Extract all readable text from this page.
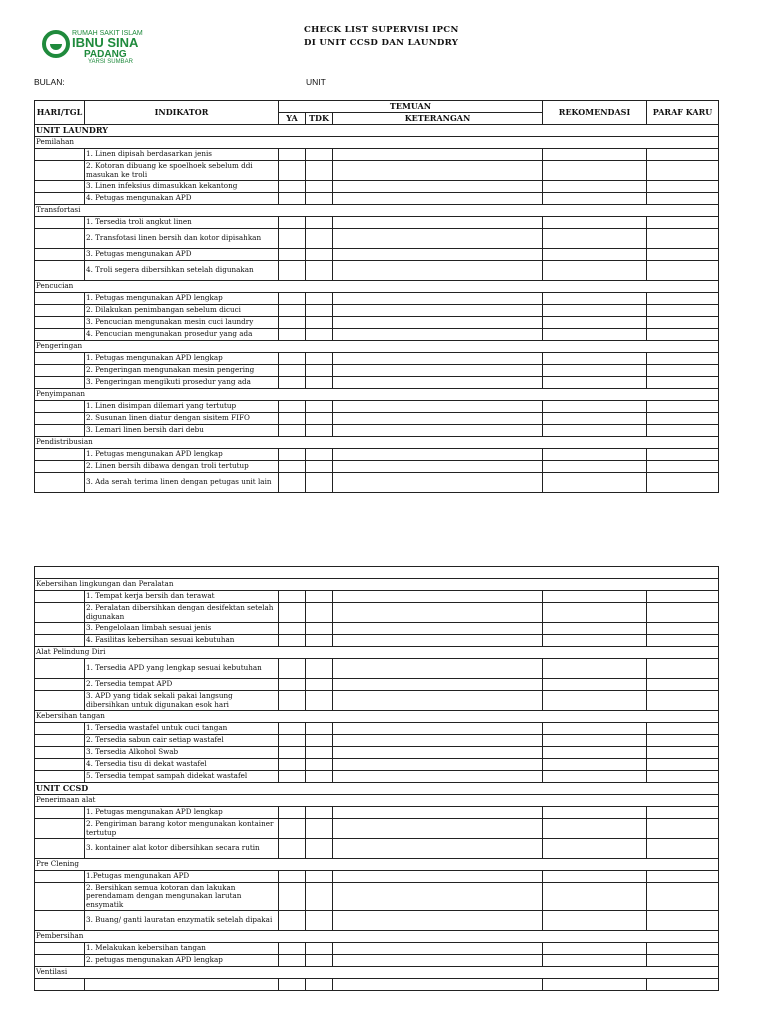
RUMAH SAKIT ISLAM
IBNU SINA
PADANG
YARSI SUMBAR
CHECK LIST SUPERVISI IPCN
DI UNIT CCSD DAN LAUNDRY
BULAN:	UNIT
HARI/TGL	INDIKATOR	TEMUAN			REKOMENDASI	PARAF KARU
		YA	TDK	KETERANGAN		
UNIT LAUNDRY						
Pemilahan						
	1. Linen dipisah berdasarkan jenis					
	2. Kotoran dibuang ke spoelhoek sebelum ddi masukan ke troli					
	3. Linen infeksius dimasukkan kekantong					
	4. Petugas mengunakan APD					
Transfortasi						
	1. Tersedia troli angkut linen					
	2. Transfotasi linen bersih dan kotor dipisahkan					
	3. Petugas mengunakan APD					
	4. Troli segera dibersihkan setelah digunakan					
Pencucian						
	1. Petugas mengunakan APD lengkap					
	2. Dilakukan penimbangan sebelum dicuci					
	3. Pencucian mengunakan mesin cuci laundry					
	4. Pencucian mengunakan prosedur yang ada					
Pengeringan						
	1. Petugas mengunakan APD lengkap					
	2. Pengeringan mengunakan mesin pengering					
	3. Pengeringan mengikuti prosedur yang ada					
Penyimpanan						
	1. Linen disimpan dilemari yang tertutup					
	2. Susunan linen diatur dengan sisitem FIFO					
	3. Lemari linen bersih dari debu					
Pendistribusian						
	1. Petugas mengunakan APD lengkap					
	2. Linen bersih dibawa dengan troli tertutup					
	3. Ada serah terima linen dengan petugas unit lain					

Kebersihan lingkungan dan Peralatan						
	1. Tempat kerja bersih dan terawat					
	2. Peralatan dibersihkan dengan desifektan setelah digunakan					
	3. Pengelolaan limbah sesuai jenis					
	4. Fasilitas kebersihan sesuai kebutuhan					
Alat Pelindung Diri						
	1. Tersedia APD yang lengkap sesuai kebutuhan					
	2. Tersedia tempat APD					
	3. APD yang tidak sekali pakai langsung dibersihkan untuk digunakan esok hari					
Kebersihan tangan						
	1. Tersedia wastafel untuk cuci tangan					
	2. Tersedia sabun cair setiap wastafel					
	3. Tersedia Alkohol Swab					
	4. Tersedia tisu di dekat wastafel					
	5. Tersedia tempat sampah didekat wastafel					
UNIT CCSD						
Penerimaan alat						
	1. Petugas mengunakan APD lengkap					
	2. Pengiriman barang kotor mengunakan kontainer tertutup					
	3. kontainer alat kotor dibersihkan secara rutin					
Pre Clening						
	1.Petugas mengunakan APD					
	2. Bersihkan semua kotoran dan lakukan perendamam dengan mengunakan larutan ensymatik					
	3. Buang/ ganti lauratan enzymatik setelah dipakai					
Pembersihan						
	1. Melakukan kebersihan tangan					
	2. petugas mengunakan APD lengkap					
Ventilasi						
